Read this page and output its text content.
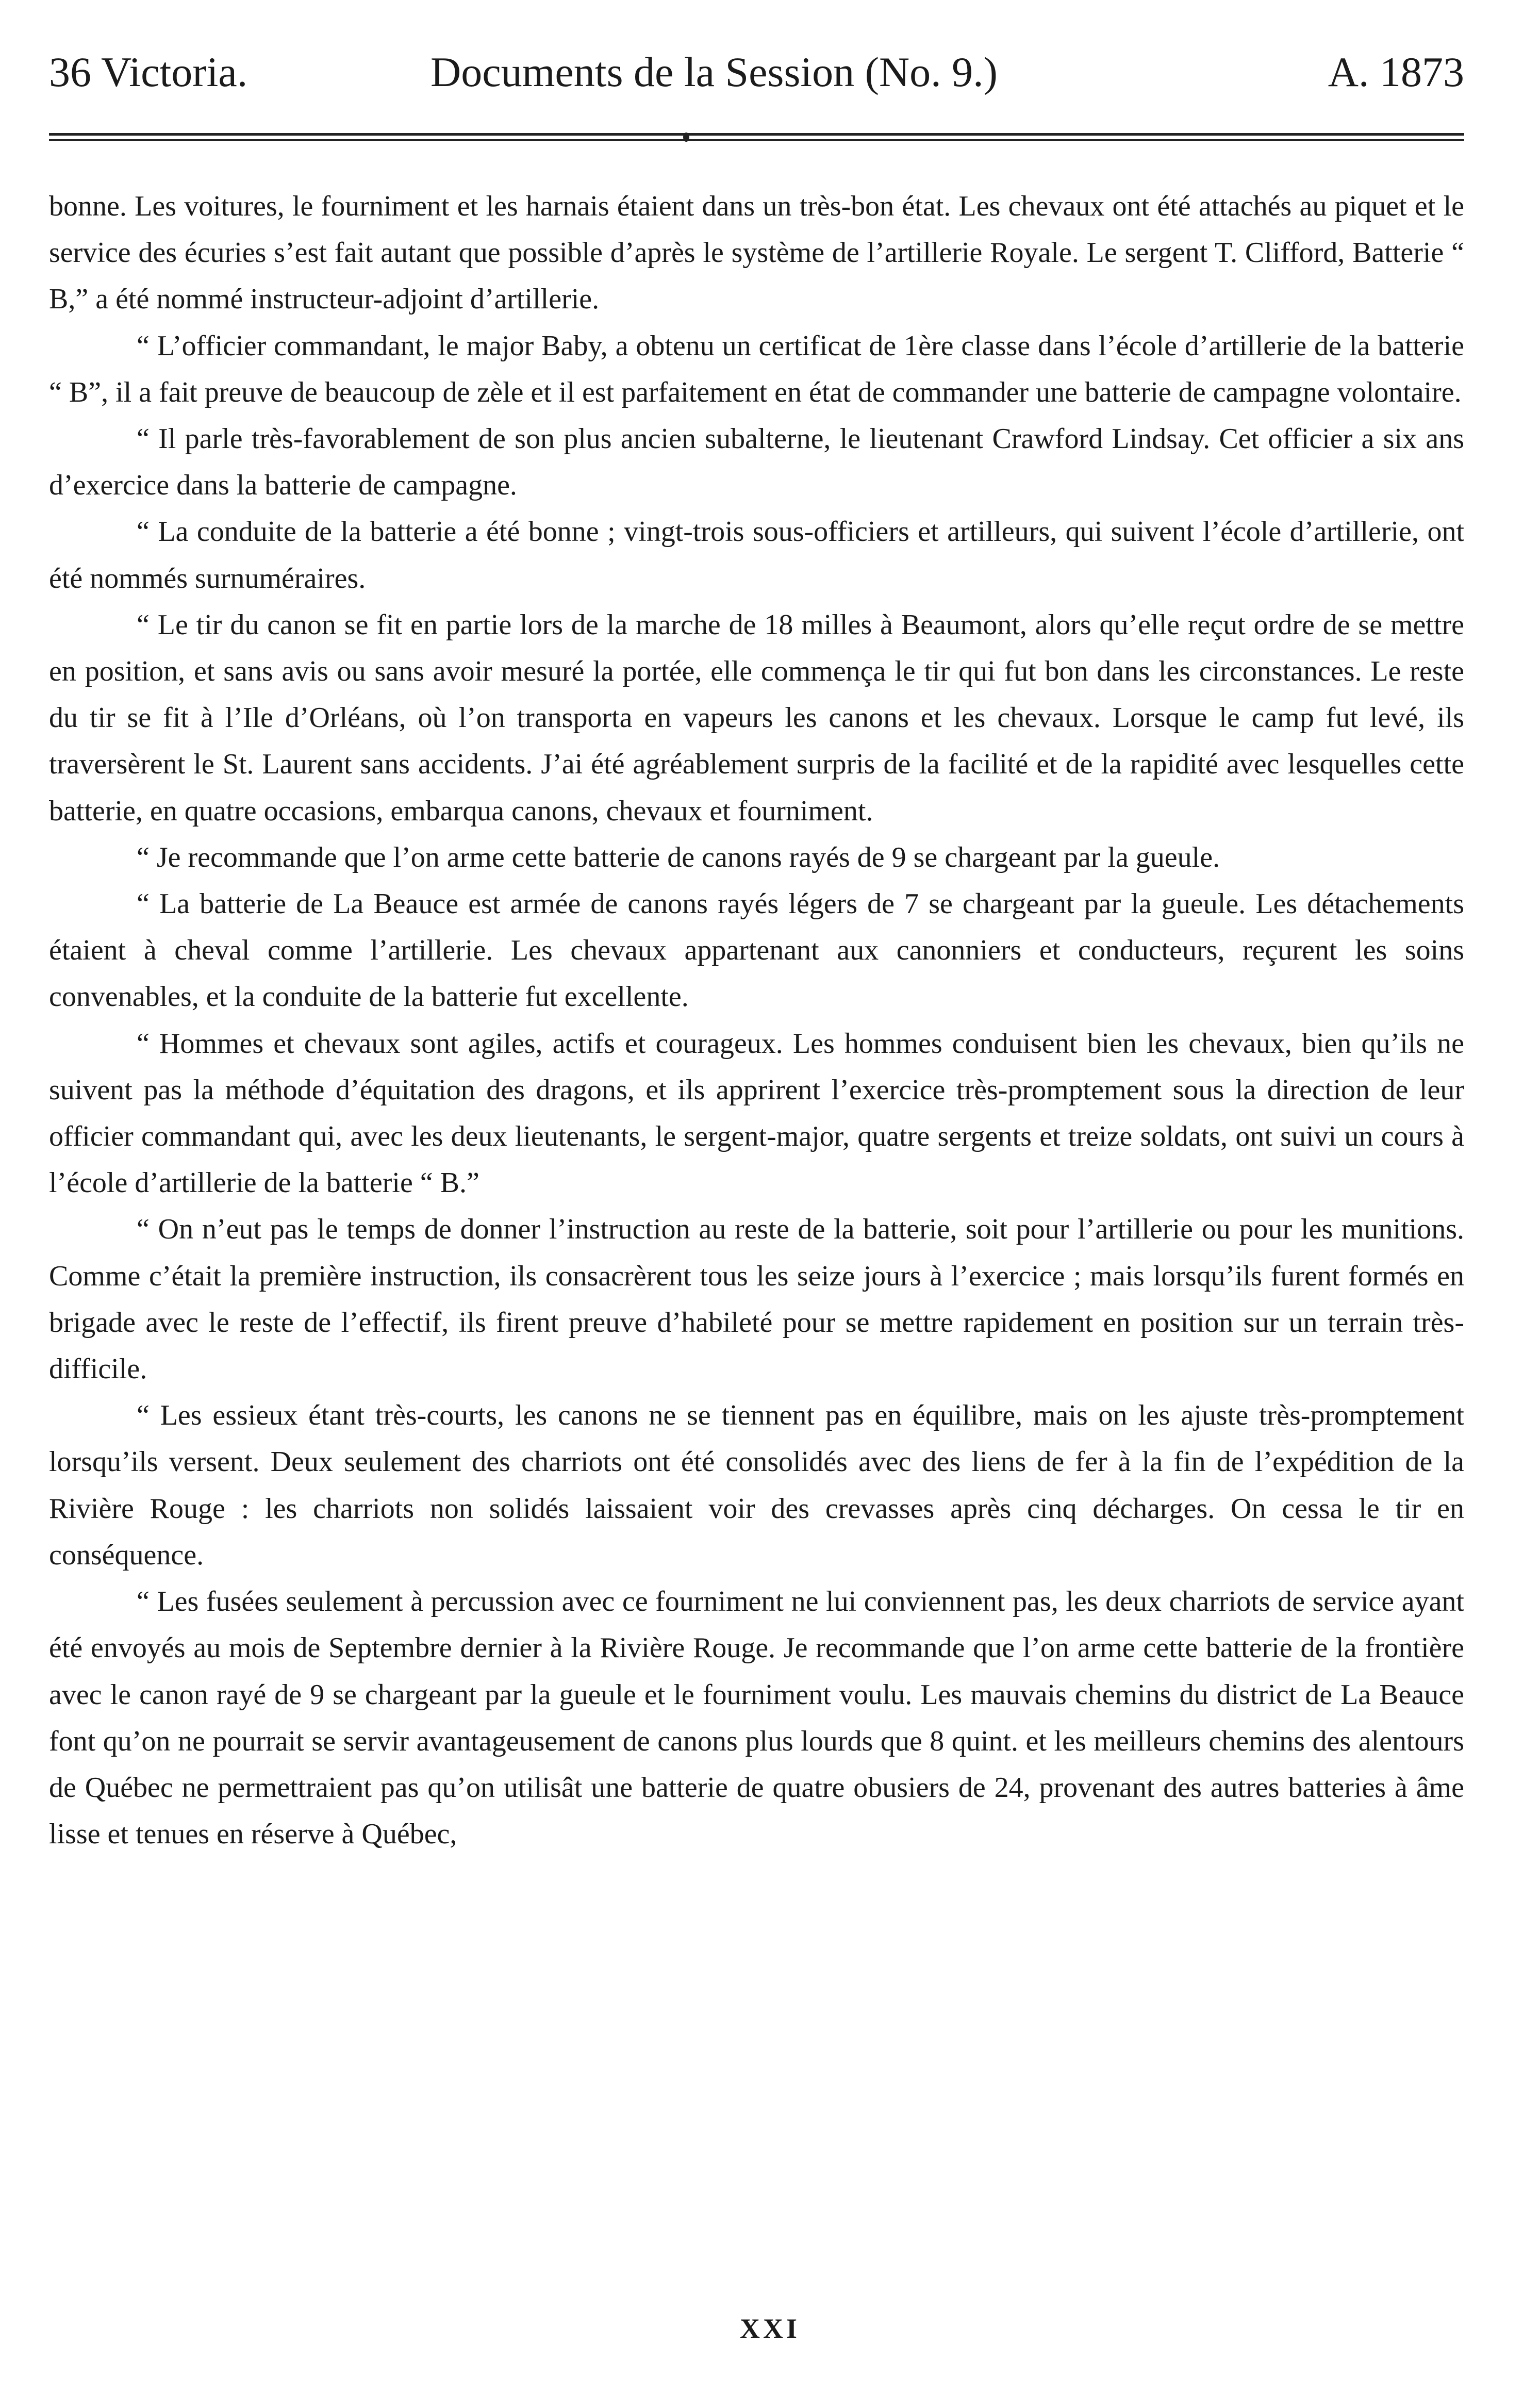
36 Victoria.	Documents de la Session (No. 9.)	A. 1873

bonne. Les voitures, le fourniment et les harnais étaient dans un très-bon état. Les chevaux ont été attachés au piquet et le service des écuries s’est fait autant que possible d’après le système de l’artillerie Royale. Le sergent T. Clifford, Batterie “ B,” a été nommé instructeur-adjoint d’artillerie.

“ L’officier commandant, le major Baby, a obtenu un certificat de 1ère classe dans l’école d’artillerie de la batterie “ B”, il a fait preuve de beaucoup de zèle et il est parfaitement en état de commander une batterie de campagne volontaire.

“ Il parle très-favorablement de son plus ancien subalterne, le lieutenant Crawford Lindsay. Cet officier a six ans d’exercice dans la batterie de campagne.

“ La conduite de la batterie a été bonne ; vingt-trois sous-officiers et artilleurs, qui suivent l’école d’artillerie, ont été nommés surnuméraires.

“ Le tir du canon se fit en partie lors de la marche de 18 milles à Beaumont, alors qu’elle reçut ordre de se mettre en position, et sans avis ou sans avoir mesuré la portée, elle commença le tir qui fut bon dans les circonstances. Le reste du tir se fit à l’Ile d’Orléans, où l’on transporta en vapeurs les canons et les chevaux. Lorsque le camp fut levé, ils traversèrent le St. Laurent sans accidents. J’ai été agréablement surpris de la facilité et de la rapidité avec lesquelles cette batterie, en quatre occasions, embarqua canons, chevaux et fourniment.

“ Je recommande que l’on arme cette batterie de canons rayés de 9 se chargeant par la gueule.

“ La batterie de La Beauce est armée de canons rayés légers de 7 se chargeant par la gueule. Les détachements étaient à cheval comme l’artillerie. Les chevaux appartenant aux canonniers et conducteurs, reçurent les soins convenables, et la conduite de la batterie fut excellente.

“ Hommes et chevaux sont agiles, actifs et courageux. Les hommes conduisent bien les chevaux, bien qu’ils ne suivent pas la méthode d’équitation des dragons, et ils apprirent l’exercice très-promptement sous la direction de leur officier commandant qui, avec les deux lieutenants, le sergent-major, quatre sergents et treize soldats, ont suivi un cours à l’école d’artillerie de la batterie “ B.”

“ On n’eut pas le temps de donner l’instruction au reste de la batterie, soit pour l’artillerie ou pour les munitions. Comme c’était la première instruction, ils consacrèrent tous les seize jours à l’exercice ; mais lorsqu’ils furent formés en brigade avec le reste de l’effectif, ils firent preuve d’habileté pour se mettre rapidement en position sur un terrain très-difficile.

“ Les essieux étant très-courts, les canons ne se tiennent pas en équilibre, mais on les ajuste très-promptement lorsqu’ils versent. Deux seulement des charriots ont été consolidés avec des liens de fer à la fin de l’expédition de la Rivière Rouge : les charriots non solidés laissaient voir des crevasses après cinq décharges. On cessa le tir en conséquence.

“ Les fusées seulement à percussion avec ce fourniment ne lui conviennent pas, les deux charriots de service ayant été envoyés au mois de Septembre dernier à la Rivière Rouge. Je recommande que l’on arme cette batterie de la frontière avec le canon rayé de 9 se chargeant par la gueule et le fourniment voulu. Les mauvais chemins du district de La Beauce font qu’on ne pourrait se servir avantageusement de canons plus lourds que 8 quint. et les meilleurs chemins des alentours de Québec ne permettraient pas qu’on utilisât une batterie de quatre obusiers de 24, provenant des autres batteries à âme lisse et tenues en réserve à Québec,

XXI
